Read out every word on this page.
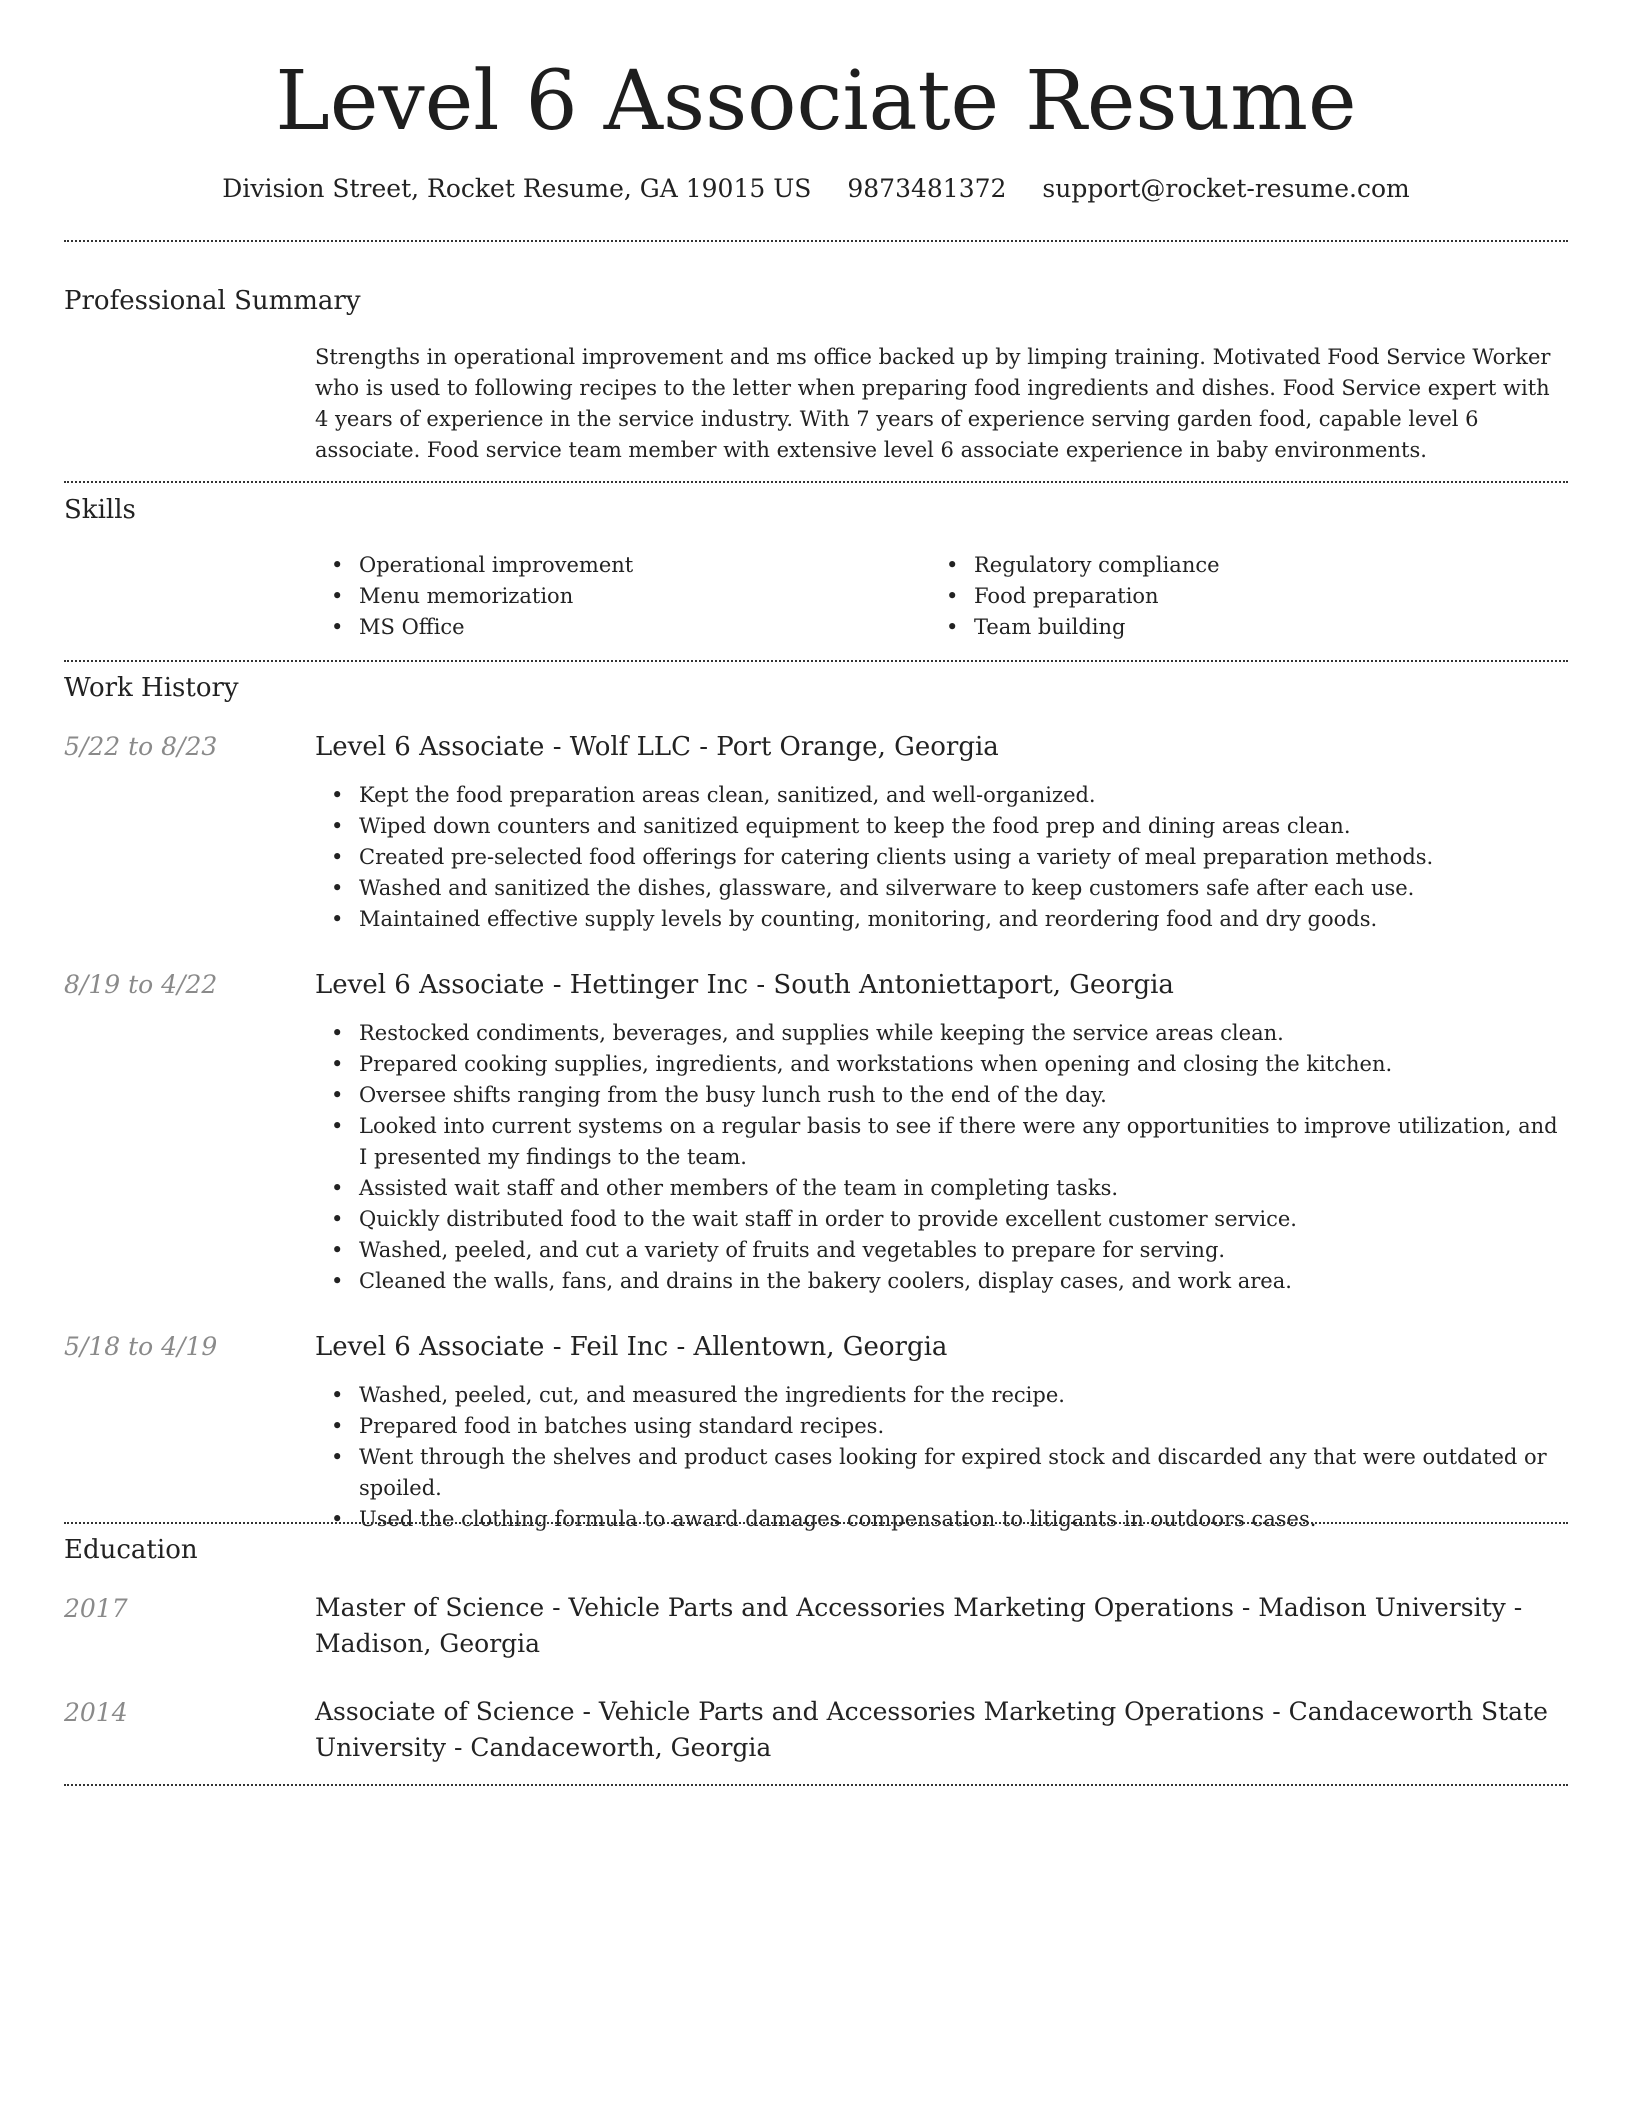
Level 6 Associate Resume
Division Street, Rocket Resume, GA 19015 US 9873481372 support@rocket-resume.com
Professional Summary

Strengths in operational improvement and ms office backed up by limping training. Motivated Food Service Worker who is used to following recipes to the letter when preparing food ingredients and dishes. Food Service expert with 4 years of experience in the service industry. With 7 years of experience serving garden food, capable level 6 associate. Food service team member with extensive level 6 associate experience in baby environments.

Skills
• Operational improvement
• Menu memorization
• MS Office
• Regulatory compliance
• Food preparation
• Team building
Work History
5/22 to 8/23	Level 6 Associate - Wolf LLC - Port Orange, Georgia
• Kept the food preparation areas clean, sanitized, and well-organized.
• Wiped down counters and sanitized equipment to keep the food prep and dining areas clean.
• Created pre-selected food offerings for catering clients using a variety of meal preparation methods.
• Washed and sanitized the dishes, glassware, and silverware to keep customers safe after each use.
• Maintained effective supply levels by counting, monitoring, and reordering food and dry goods.
8/19 to 4/22	Level 6 Associate - Hettinger Inc - South Antoniettaport, Georgia
• Restocked condiments, beverages, and supplies while keeping the service areas clean.
• Prepared cooking supplies, ingredients, and workstations when opening and closing the kitchen.
• Oversee shifts ranging from the busy lunch rush to the end of the day.
• Looked into current systems on a regular basis to see if there were any opportunities to improve utilization, and I presented my findings to the team.
• Assisted wait staff and other members of the team in completing tasks.
• Quickly distributed food to the wait staff in order to provide excellent customer service.
• Washed, peeled, and cut a variety of fruits and vegetables to prepare for serving.
• Cleaned the walls, fans, and drains in the bakery coolers, display cases, and work area.
5/18 to 4/19	Level 6 Associate - Feil Inc - Allentown, Georgia
• Washed, peeled, cut, and measured the ingredients for the recipe.
• Prepared food in batches using standard recipes.
• Went through the shelves and product cases looking for expired stock and discarded any that were outdated or spoiled.
• Used the clothing formula to award damages compensation to litigants in outdoors cases.
Education
2017	Master of Science - Vehicle Parts and Accessories Marketing Operations - Madison University - Madison, Georgia
2014	Associate of Science - Vehicle Parts and Accessories Marketing Operations - Candaceworth State University - Candaceworth, Georgia
